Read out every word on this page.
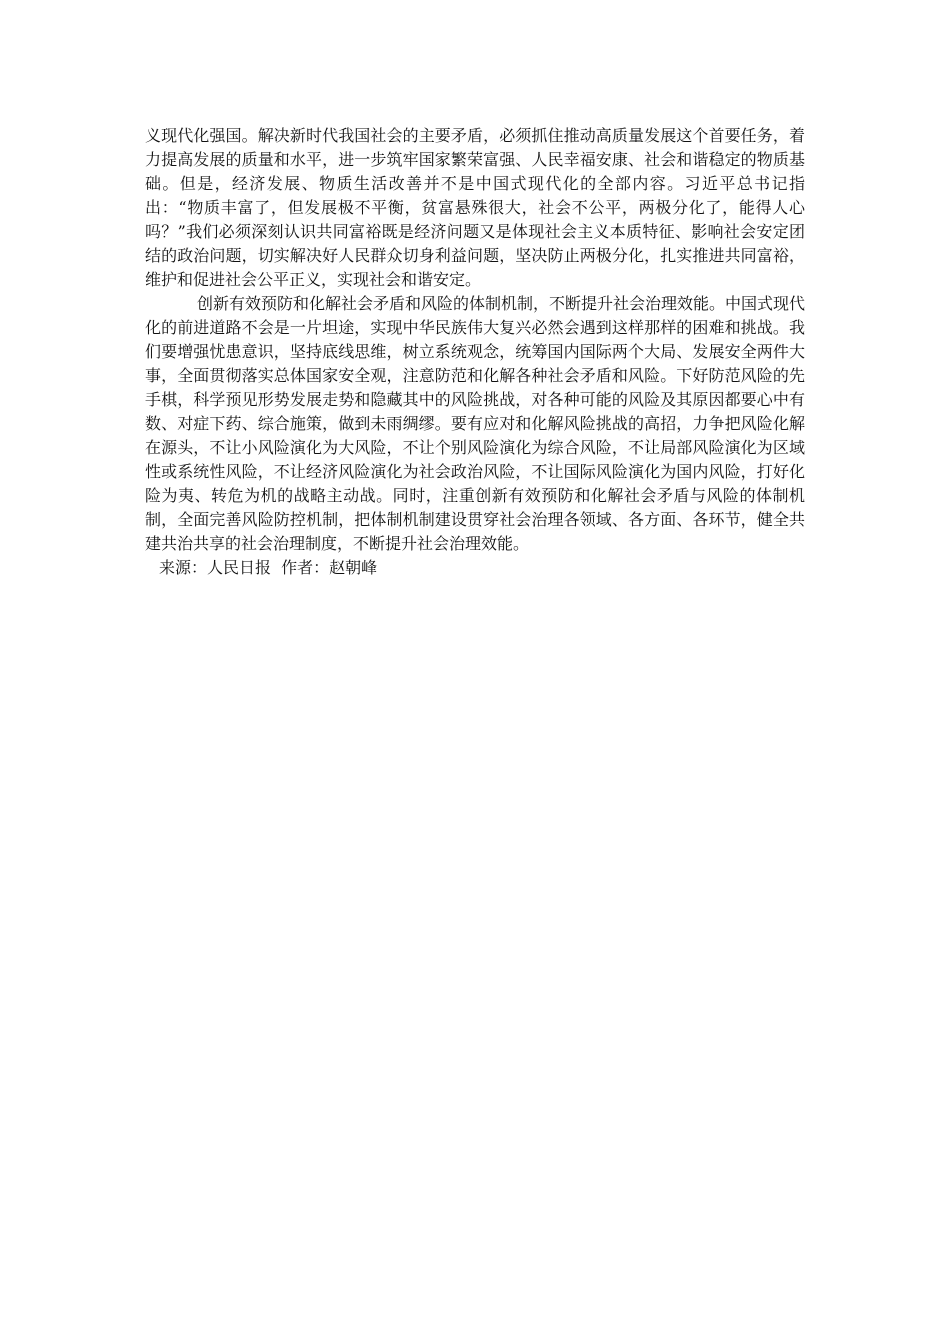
义现代化强国。解决新时代我国社会的主要矛盾，必须抓住推动高质量发展这个首要任务，着力提高发展的质量和水平，进一步筑牢国家繁荣富强、人民幸福安康、社会和谐稳定的物质基础。但是，经济发展、物质生活改善并不是中国式现代化的全部内容。习近平总书记指出：“物质丰富了，但发展极不平衡，贫富悬殊很大，社会不公平，两极分化了，能得人心吗？”我们必须深刻认识共同富裕既是经济问题又是体现社会主义本质特征、影响社会安定团结的政治问题，切实解决好人民群众切身利益问题，坚决防止两极分化，扎实推进共同富裕，维护和促进社会公平正义，实现社会和谐安定。

创新有效预防和化解社会矛盾和风险的体制机制，不断提升社会治理效能。中国式现代化的前进道路不会是一片坦途，实现中华民族伟大复兴必然会遇到这样那样的困难和挑战。我们要增强忧患意识，坚持底线思维，树立系统观念，统筹国内国际两个大局、发展安全两件大事，全面贯彻落实总体国家安全观，注意防范和化解各种社会矛盾和风险。下好防范风险的先手棋，科学预见形势发展走势和隐藏其中的风险挑战，对各种可能的风险及其原因都要心中有数、对症下药、综合施策，做到未雨绸缪。要有应对和化解风险挑战的高招，力争把风险化解在源头，不让小风险演化为大风险，不让个别风险演化为综合风险，不让局部风险演化为区域性或系统性风险，不让经济风险演化为社会政治风险，不让国际风险演化为国内风险，打好化险为夷、转危为机的战略主动战。同时，注重创新有效预防和化解社会矛盾与风险的体制机制，全面完善风险防控机制，把体制机制建设贯穿社会治理各领域、各方面、各环节，健全共建共治共享的社会治理制度，不断提升社会治理效能。

来源：人民日报  作者：赵朝峰
